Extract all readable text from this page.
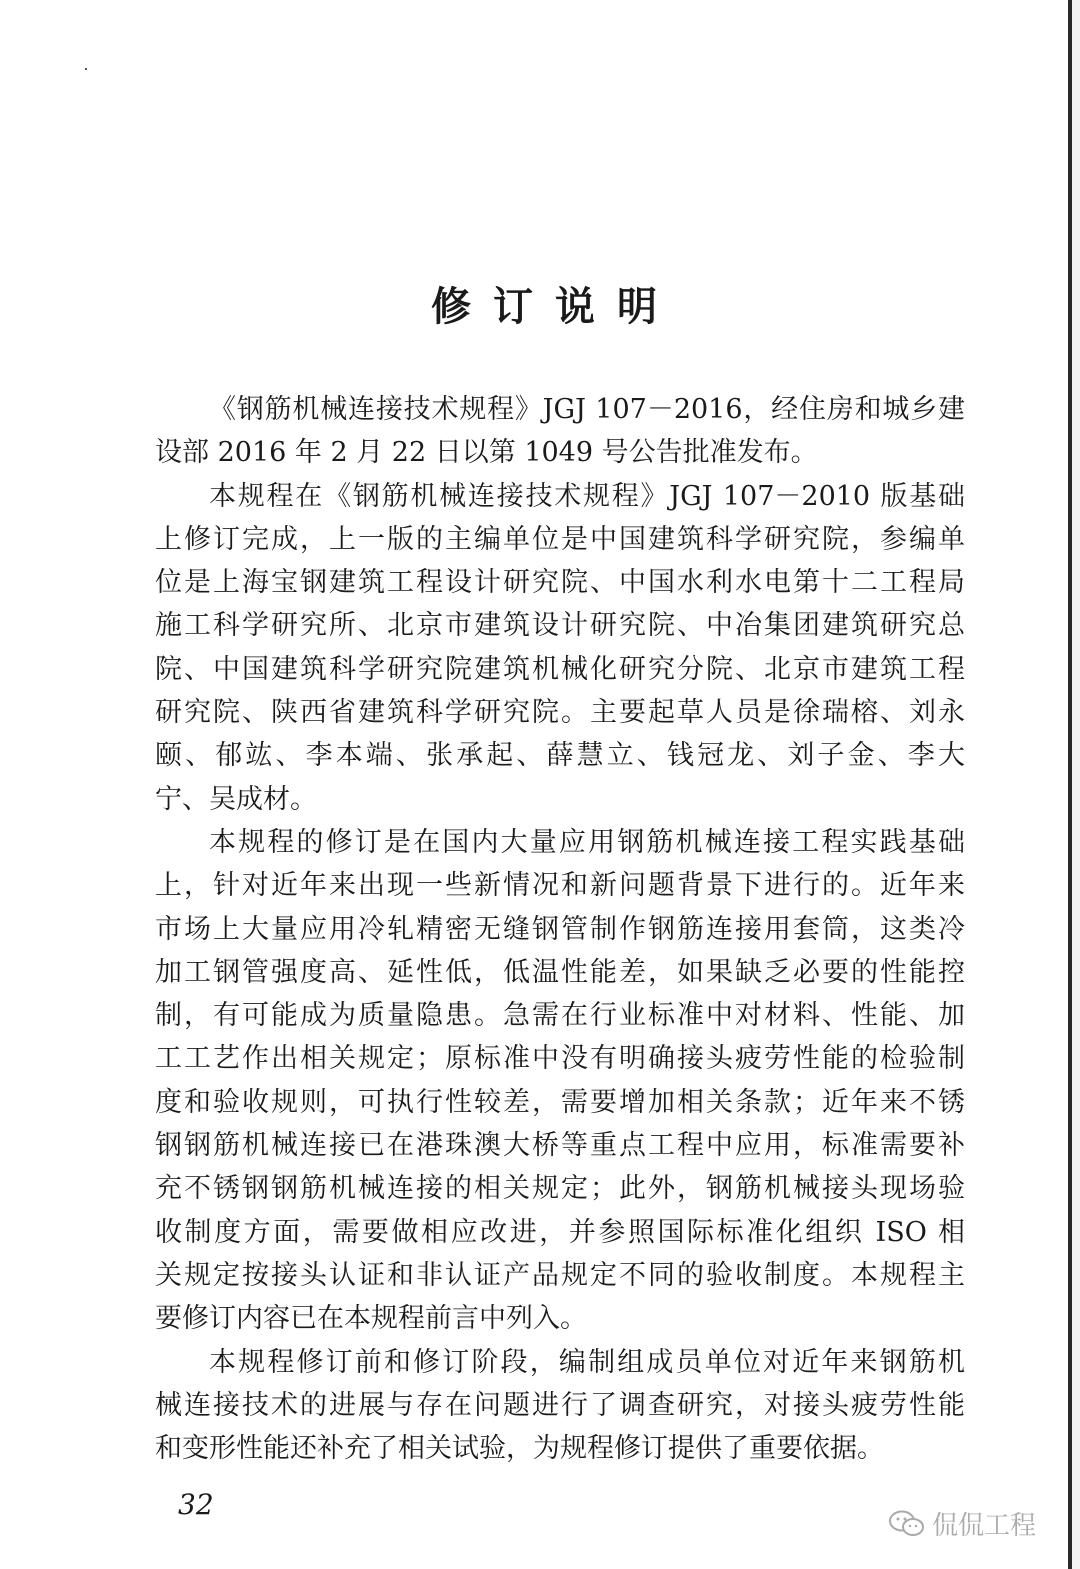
修订说明
《钢筋机械连接技术规程》JGJ 107－2016，经住房和城乡建
设部 2016 年 2 月 22 日以第 1049 号公告批准发布。
本规程在《钢筋机械连接技术规程》JGJ 107－2010 版基础
上修订完成，上一版的主编单位是中国建筑科学研究院，参编单
位是上海宝钢建筑工程设计研究院、中国水利水电第十二工程局
施工科学研究所、北京市建筑设计研究院、中冶集团建筑研究总
院、中国建筑科学研究院建筑机械化研究分院、北京市建筑工程
研究院、陕西省建筑科学研究院。主要起草人员是徐瑞榕、刘永
颐、郁竑、李本端、张承起、薛慧立、钱冠龙、刘子金、李大
宁、吴成材。
本规程的修订是在国内大量应用钢筋机械连接工程实践基础
上，针对近年来出现一些新情况和新问题背景下进行的。近年来
市场上大量应用冷轧精密无缝钢管制作钢筋连接用套筒，这类冷
加工钢管强度高、延性低，低温性能差，如果缺乏必要的性能控
制，有可能成为质量隐患。急需在行业标准中对材料、性能、加
工工艺作出相关规定；原标准中没有明确接头疲劳性能的检验制
度和验收规则，可执行性较差，需要增加相关条款；近年来不锈
钢钢筋机械连接已在港珠澳大桥等重点工程中应用，标准需要补
充不锈钢钢筋机械连接的相关规定；此外，钢筋机械接头现场验
收制度方面，需要做相应改进，并参照国际标准化组织 ISO 相
关规定按接头认证和非认证产品规定不同的验收制度。本规程主
要修订内容已在本规程前言中列入。
本规程修订前和修订阶段，编制组成员单位对近年来钢筋机
械连接技术的进展与存在问题进行了调查研究，对接头疲劳性能
和变形性能还补充了相关试验，为规程修订提供了重要依据。
32
侃侃工程
